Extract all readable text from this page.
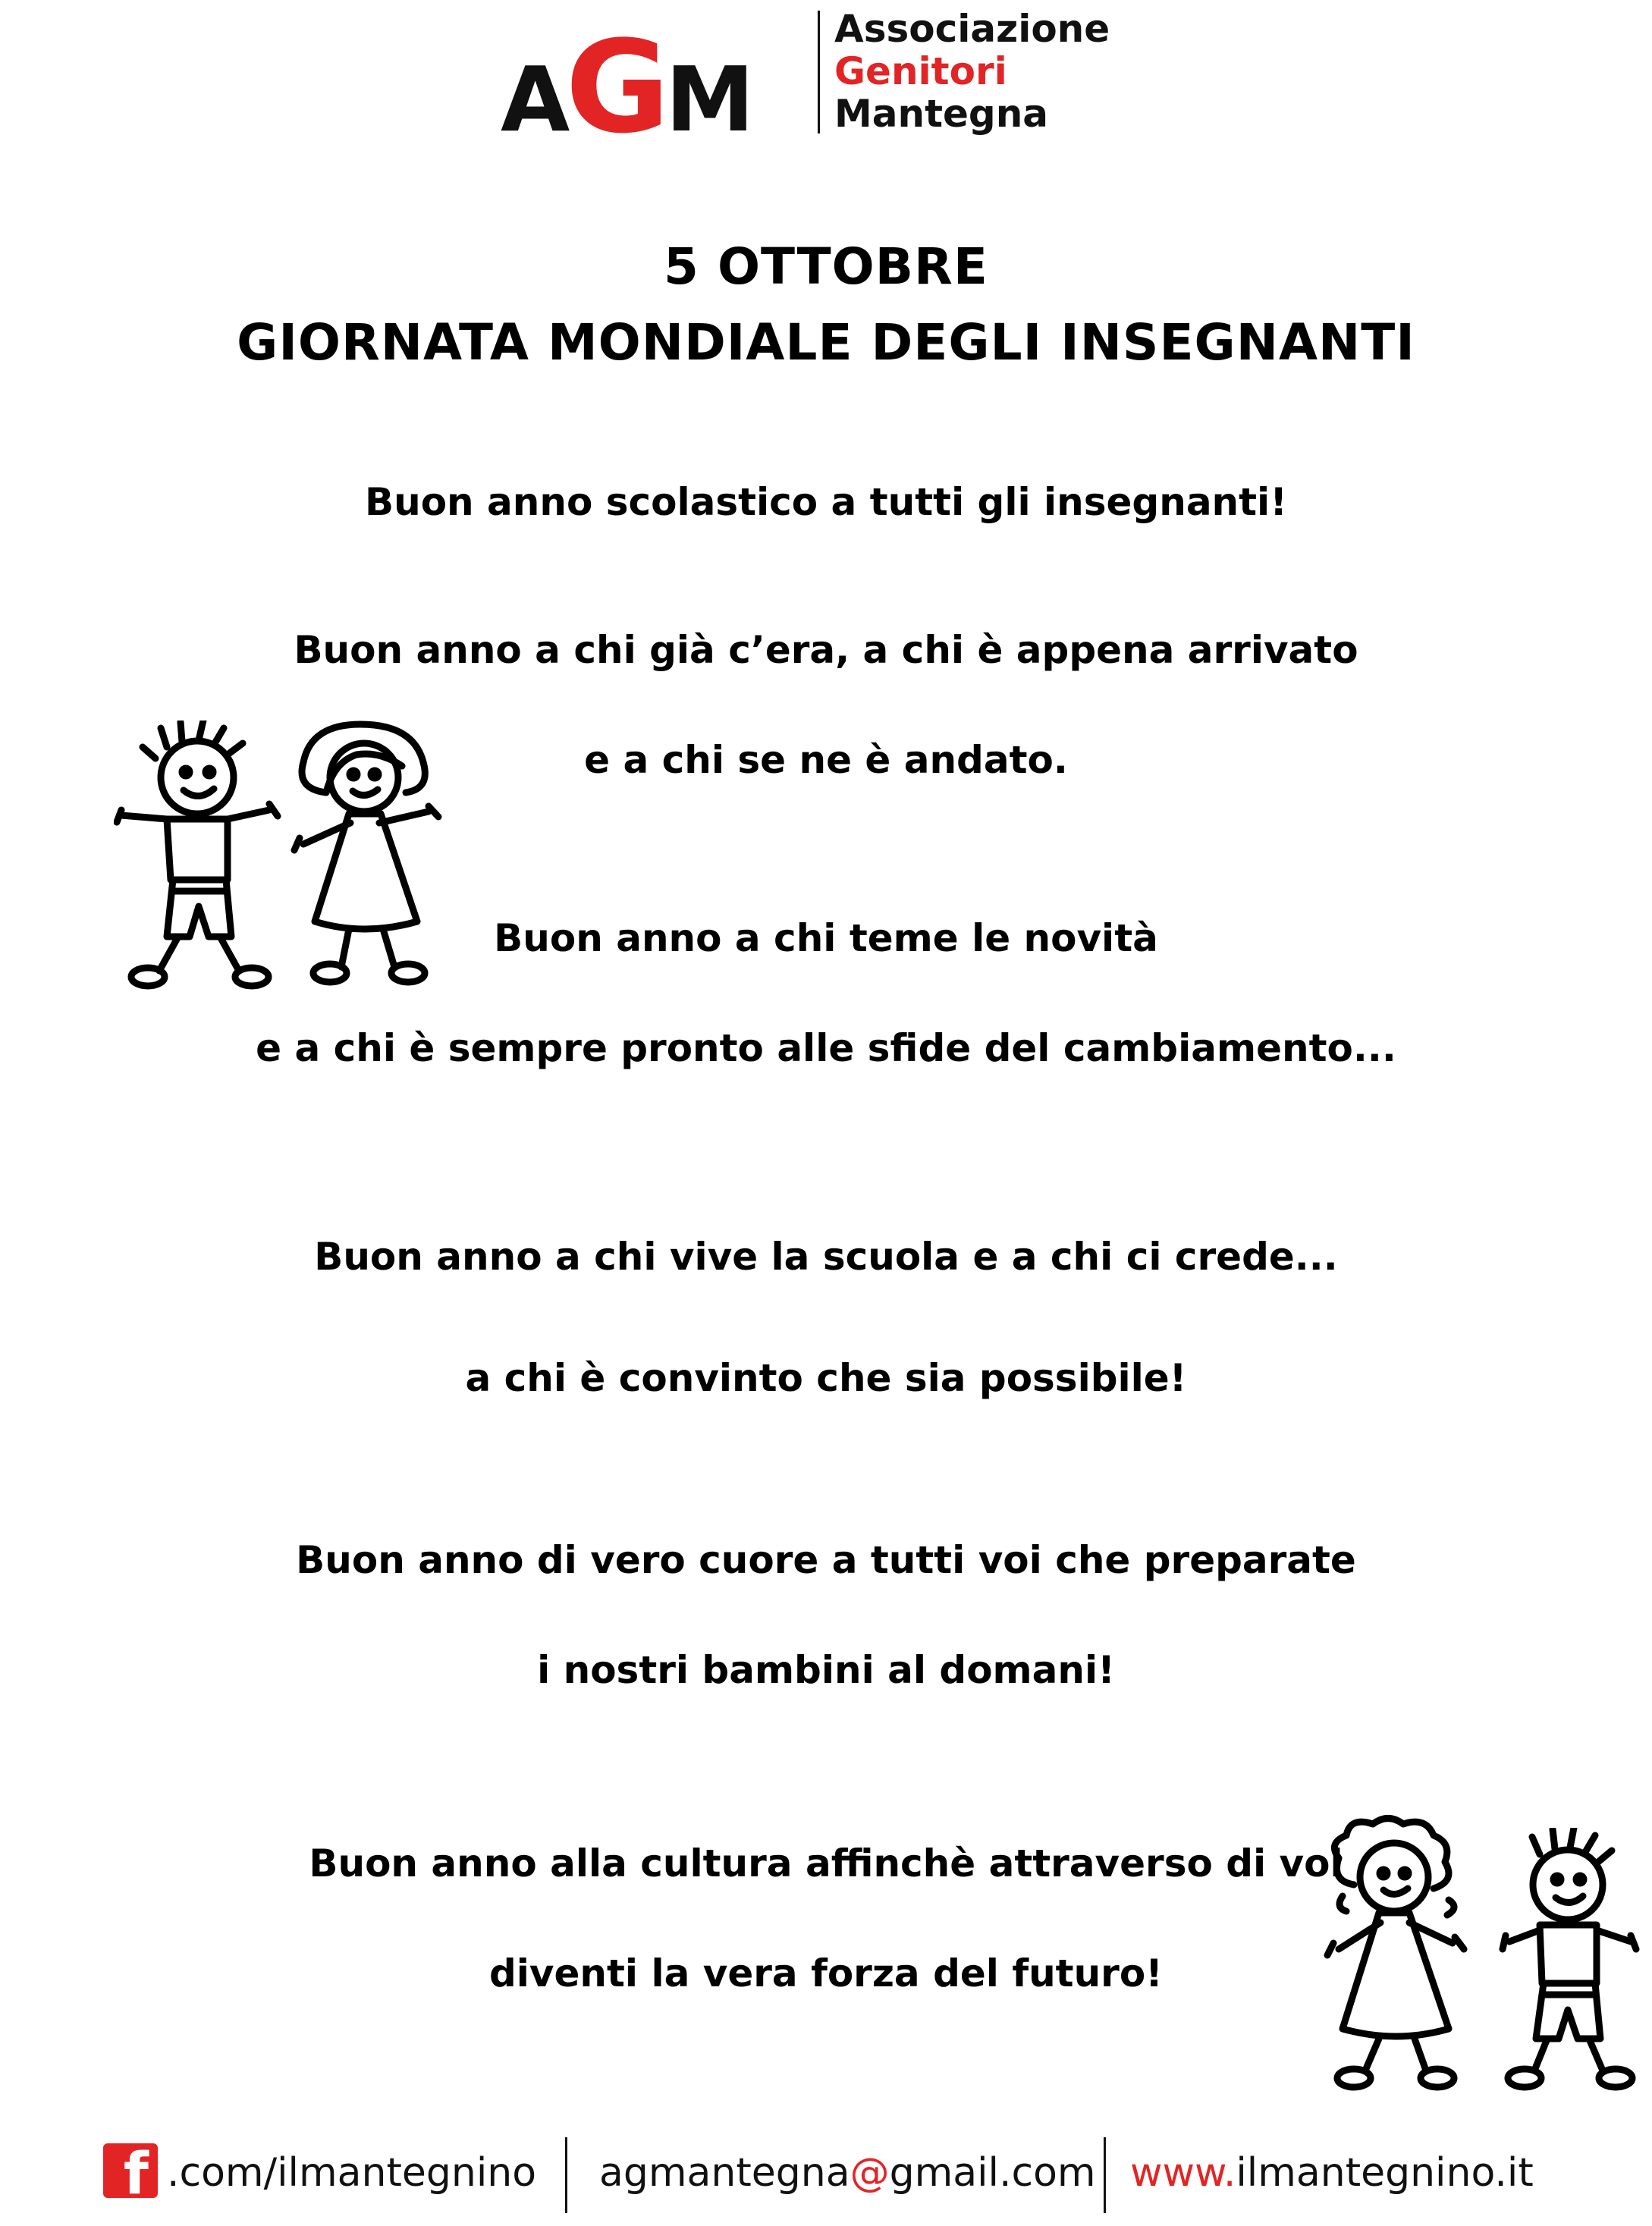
AGM
Associazione
Genitori
Mantegna
5 OTTOBRE
GIORNATA MONDIALE DEGLI INSEGNANTI
Buon anno scolastico a tutti gli insegnanti!
Buon anno a chi già c’era, a chi è appena arrivato
e a chi se ne è andato.
Buon anno a chi teme le novità
e a chi è sempre pronto alle sfide del cambiamento...
Buon anno a chi vive la scuola e a chi ci crede...
a chi è convinto che sia possibile!
Buon anno di vero cuore a tutti voi che preparate
i nostri bambini al domani!
Buon anno alla cultura affinchè attraverso di voi
diventi la vera forza del futuro!
f .com/ilmantegnino agmantegna@gmail.com www.ilmantegnino.it
